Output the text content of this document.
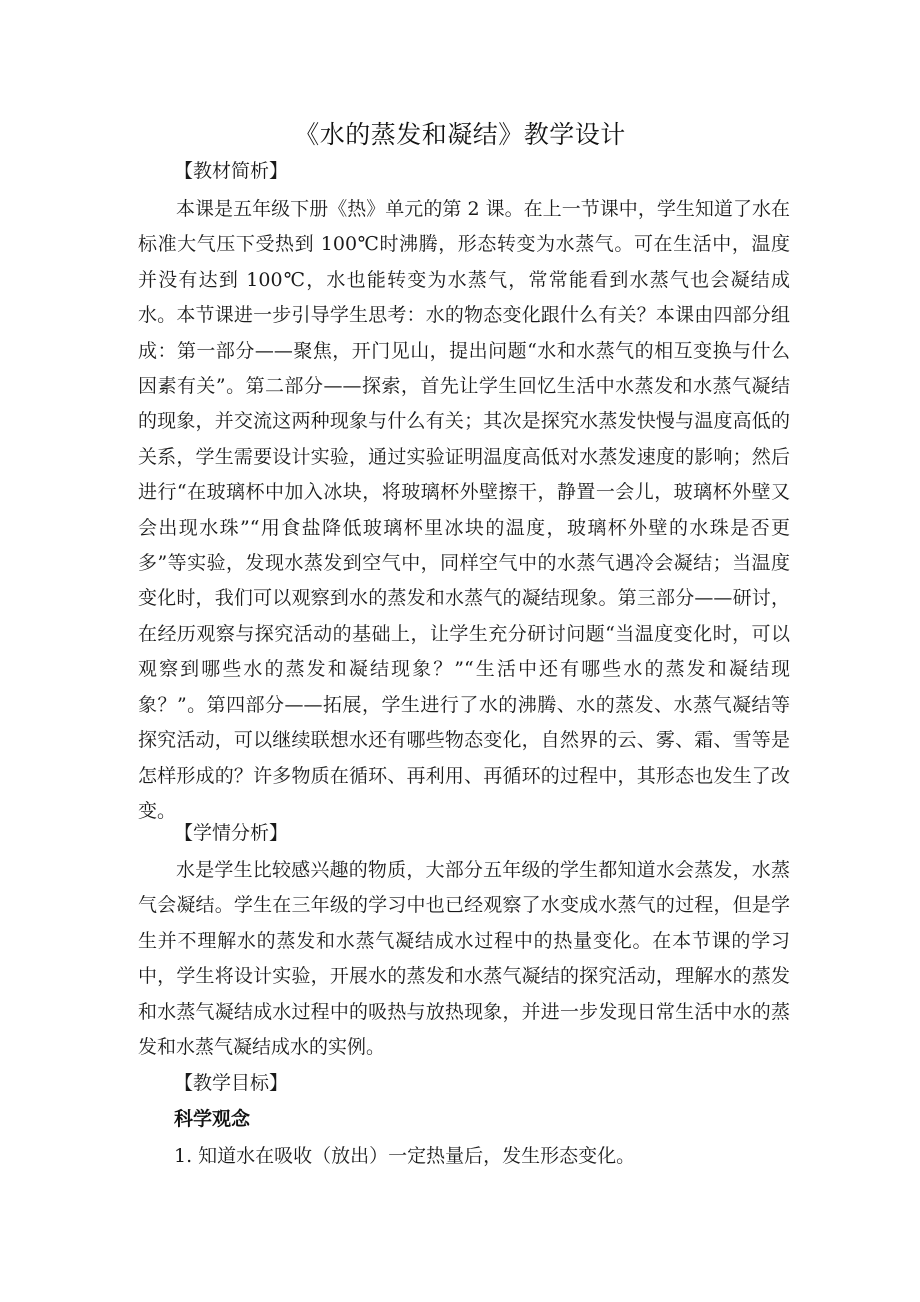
《水的蒸发和凝结》教学设计
【教材简析】

本课是五年级下册《热》单元的第 2 课。在上一节课中，学生知道了水在标准大气压下受热到 100℃时沸腾，形态转变为水蒸气。可在生活中，温度并没有达到 100℃，水也能转变为水蒸气，常常能看到水蒸气也会凝结成水。本节课进一步引导学生思考：水的物态变化跟什么有关？本课由四部分组成：第一部分——聚焦，开门见山，提出问题“水和水蒸气的相互变换与什么因素有关”。第二部分——探索，首先让学生回忆生活中水蒸发和水蒸气凝结的现象，并交流这两种现象与什么有关；其次是探究水蒸发快慢与温度高低的关系，学生需要设计实验，通过实验证明温度高低对水蒸发速度的影响；然后进行“在玻璃杯中加入冰块，将玻璃杯外壁擦干，静置一会儿，玻璃杯外壁又会出现水珠”“用食盐降低玻璃杯里冰块的温度，玻璃杯外壁的水珠是否更多”等实验，发现水蒸发到空气中，同样空气中的水蒸气遇冷会凝结；当温度变化时，我们可以观察到水的蒸发和水蒸气的凝结现象。第三部分——研讨，在经历观察与探究活动的基础上，让学生充分研讨问题“当温度变化时，可以观察到哪些水的蒸发和凝结现象？”“生活中还有哪些水的蒸发和凝结现象？”。第四部分——拓展，学生进行了水的沸腾、水的蒸发、水蒸气凝结等探究活动，可以继续联想水还有哪些物态变化，自然界的云、雾、霜、雪等是怎样形成的？许多物质在循环、再利用、再循环的过程中，其形态也发生了改变。

【学情分析】

水是学生比较感兴趣的物质，大部分五年级的学生都知道水会蒸发，水蒸气会凝结。学生在三年级的学习中也已经观察了水变成水蒸气的过程，但是学生并不理解水的蒸发和水蒸气凝结成水过程中的热量变化。在本节课的学习中，学生将设计实验，开展水的蒸发和水蒸气凝结的探究活动，理解水的蒸发和水蒸气凝结成水过程中的吸热与放热现象，并进一步发现日常生活中水的蒸发和水蒸气凝结成水的实例。

【教学目标】
科学观念

1. 知道水在吸收（放出）一定热量后，发生形态变化。
